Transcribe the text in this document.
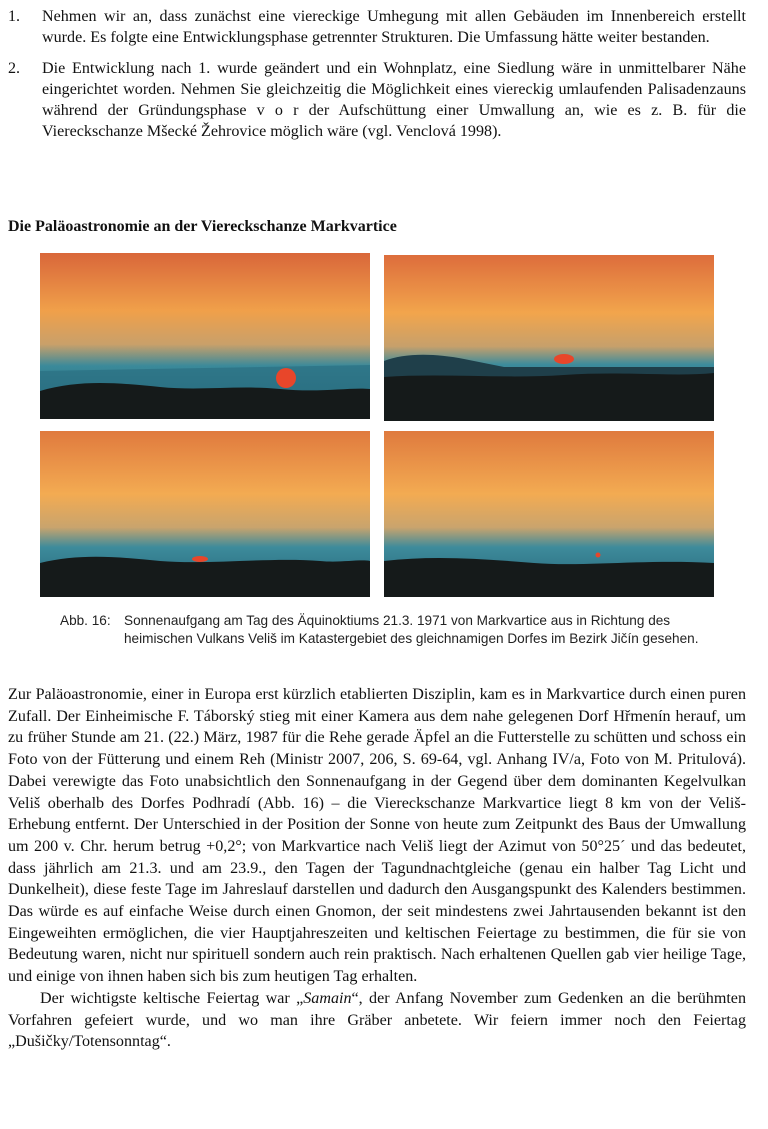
1. Nehmen wir an, dass zunächst eine viereckige Umhegung mit allen Gebäuden im Innenbereich erstellt wurde. Es folgte eine Entwicklungsphase getrennter Strukturen. Die Umfassung hätte weiter bestanden.
2. Die Entwicklung nach 1. wurde geändert und ein Wohnplatz, eine Siedlung wäre in unmittelbarer Nähe eingerichtet worden. Nehmen Sie gleichzeitig die Möglichkeit eines viereckig umlaufenden Palisadenzauns während der Gründungsphase v o r der Aufschüttung einer Umwallung an, wie es z. B. für die Viereckschanze Mšecké Žehrovice möglich wäre (vgl. Venclová 1998).
Die Paläoastronomie an der Viereckschanze Markvartice
Abb. 16: Sonnenaufgang am Tag des Äquinoktiums 21.3. 1971 von Markvartice aus in Richtung des heimischen Vulkans Veliš im Katastergebiet des gleichnamigen Dorfes im Bezirk Jičín gesehen.

Zur Paläoastronomie, einer in Europa erst kürzlich etablierten Disziplin, kam es in Markvartice durch einen puren Zufall. Der Einheimische F. Táborský stieg mit einer Kamera aus dem nahe gelegenen Dorf Hřmenín herauf, um zu früher Stunde am 21. (22.) März, 1987 für die Rehe gerade Äpfel an die Futterstelle zu schütten und schoss ein Foto von der Fütterung und einem Reh (Ministr 2007, 206, S. 69-64, vgl. Anhang IV/a, Foto von M. Pritulová). Dabei verewigte das Foto unabsichtlich den Sonnenaufgang in der Gegend über dem dominanten Kegelvulkan Veliš oberhalb des Dorfes Podhradí (Abb. 16) – die Viereckschanze Markvartice liegt 8 km von der Veliš-Erhebung entfernt. Der Unterschied in der Position der Sonne von heute zum Zeitpunkt des Baus der Umwallung um 200 v. Chr. herum betrug +0,2°; von Markvartice nach Veliš liegt der Azimut von 50°25´ und das bedeutet, dass jährlich am 21.3. und am 23.9., den Tagen der Tagundnachtgleiche (genau ein halber Tag Licht und Dunkelheit), diese feste Tage im Jahreslauf darstellen und dadurch den Ausgangspunkt des Kalenders bestimmen. Das würde es auf einfache Weise durch einen Gnomon, der seit mindestens zwei Jahrtausenden bekannt ist den Eingeweihten ermöglichen, die vier Hauptjahreszeiten und keltischen Feiertage zu bestimmen, die für sie von Bedeutung waren, nicht nur spirituell sondern auch rein praktisch. Nach erhaltenen Quellen gab vier heilige Tage, und einige von ihnen haben sich bis zum heutigen Tag erhalten.

Der wichtigste keltische Feiertag war „Samain“, der Anfang November zum Gedenken an die berühmten Vorfahren gefeiert wurde, und wo man ihre Gräber anbetete. Wir feiern immer noch den Feiertag „Dušičky/Totensonntag“.
